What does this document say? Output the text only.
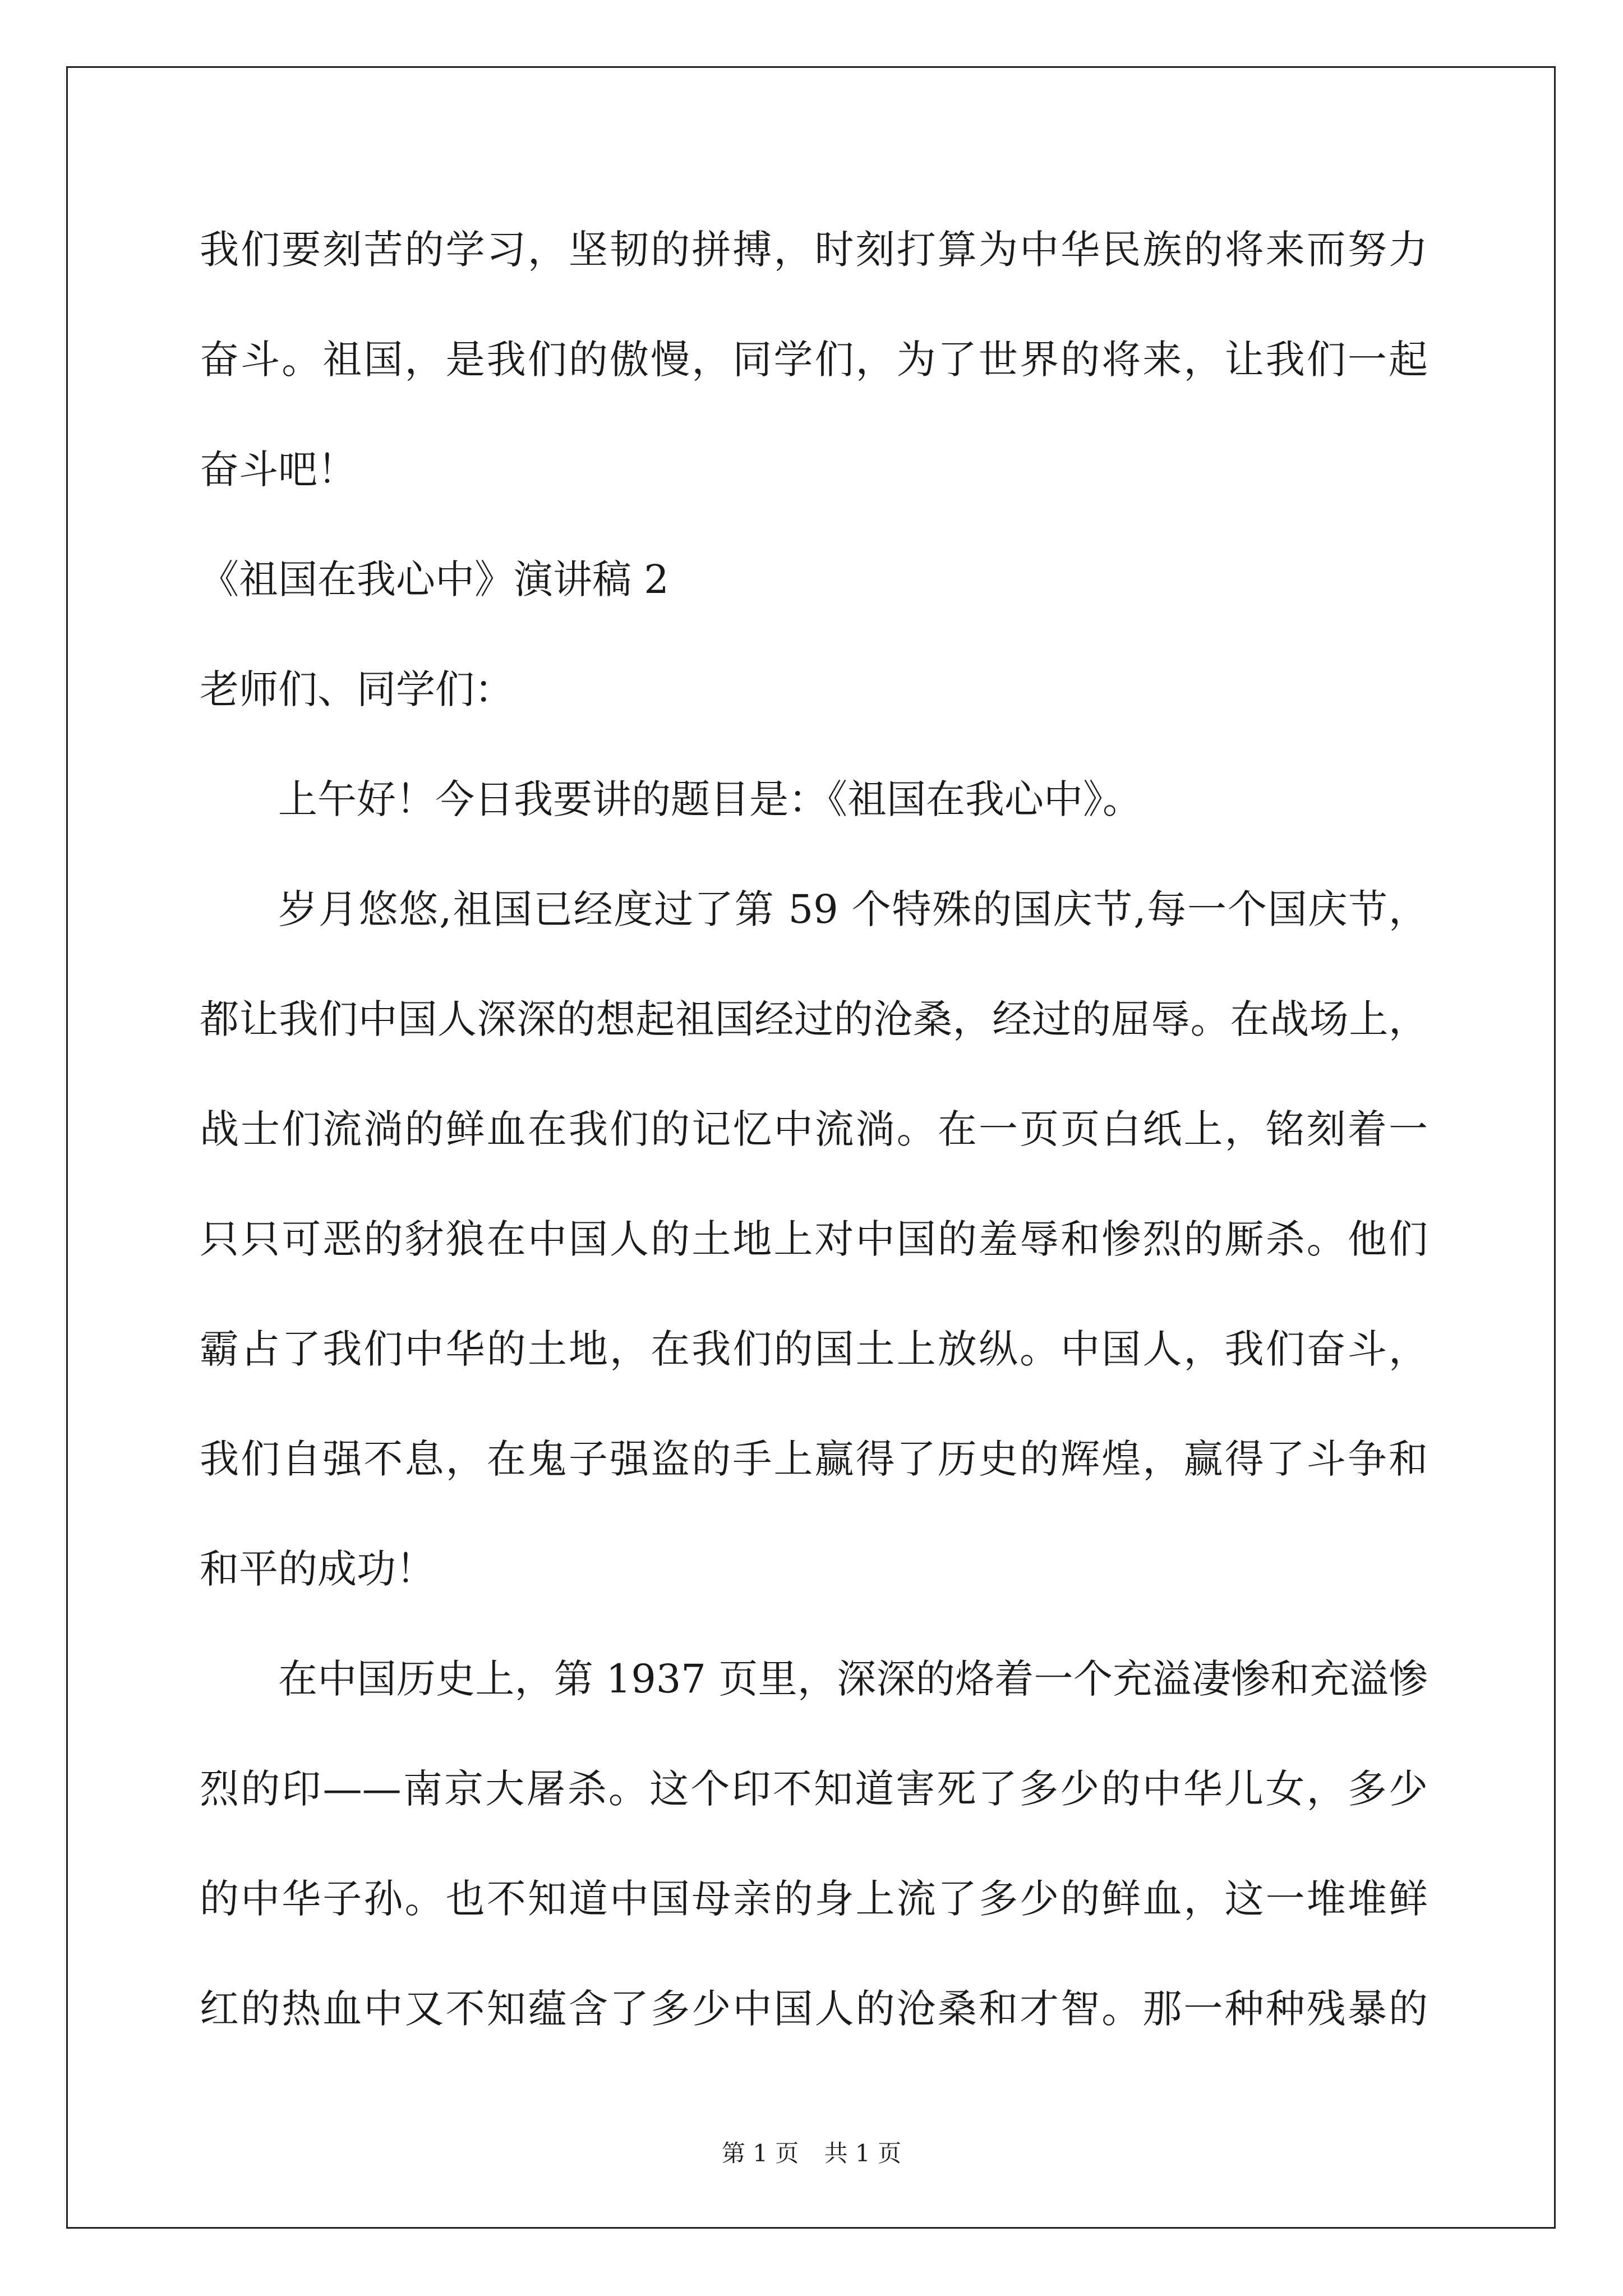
我们要刻苦的学习，坚韧的拼搏，时刻打算为中华民族的将来而努力
奋斗。祖国，是我们的傲慢，同学们，为了世界的将来，让我们一起
奋斗吧！
《祖国在我心中》演讲稿 2
老师们、同学们：
上午好！今日我要讲的题目是：《祖国在我心中》。
岁月悠悠,祖国已经度过了第 59 个特殊的国庆节,每一个国庆节，
都让我们中国人深深的想起祖国经过的沧桑，经过的屈辱。在战场上，
战士们流淌的鲜血在我们的记忆中流淌。在一页页白纸上，铭刻着一
只只可恶的豺狼在中国人的土地上对中国的羞辱和惨烈的厮杀。他们
霸占了我们中华的土地，在我们的国土上放纵。中国人，我们奋斗，
我们自强不息，在鬼子强盗的手上赢得了历史的辉煌，赢得了斗争和
和平的成功！
在中国历史上，第 1937 页里，深深的烙着一个充溢凄惨和充溢惨
烈的印——南京大屠杀。这个印不知道害死了多少的中华儿女，多少
的中华子孙。也不知道中国母亲的身上流了多少的鲜血，这一堆堆鲜
红的热血中又不知蕴含了多少中国人的沧桑和才智。那一种种残暴的
第 1 页 共 1 页
